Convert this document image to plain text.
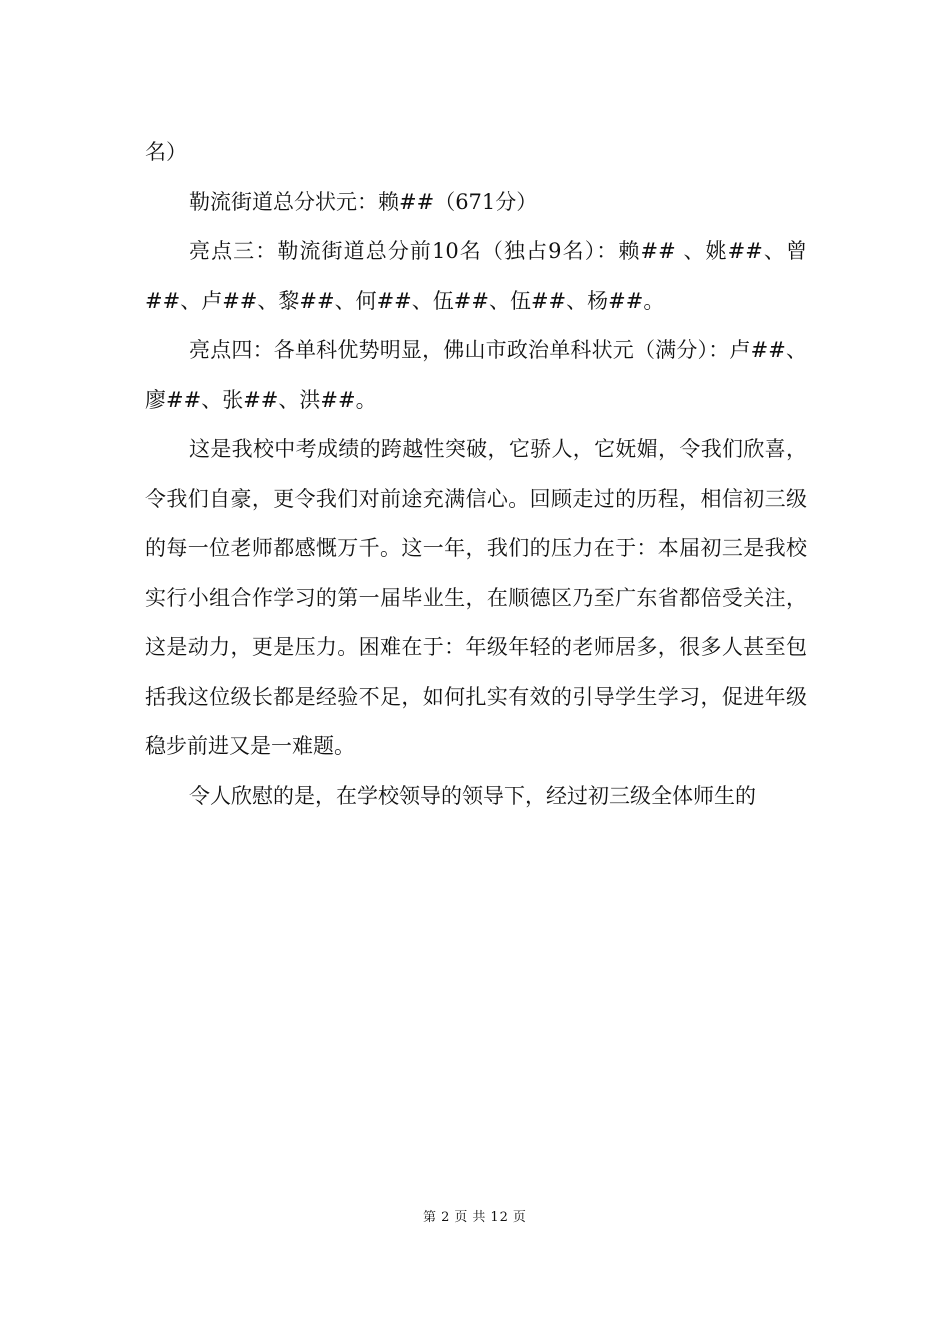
名）

勒流街道总分状元：赖##（671分）

亮点三：勒流街道总分前10名（独占9名）：赖## 、姚##、曾##、卢##、黎##、何##、伍##、伍##、杨##。

亮点四：各单科优势明显，佛山市政治单科状元（满分）：卢##、廖##、张##、洪##。

这是我校中考成绩的跨越性突破，它骄人，它妩媚，令我们欣喜，令我们自豪，更令我们对前途充满信心。回顾走过的历程，相信初三级的每一位老师都感慨万千。这一年，我们的压力在于：本届初三是我校实行小组合作学习的第一届毕业生，在顺德区乃至广东省都倍受关注，这是动力，更是压力。困难在于：年级年轻的老师居多，很多人甚至包括我这位级长都是经验不足，如何扎实有效的引导学生学习，促进年级稳步前进又是一难题。

令人欣慰的是，在学校领导的领导下，经过初三级全体师生的

第 2 页 共 12 页
